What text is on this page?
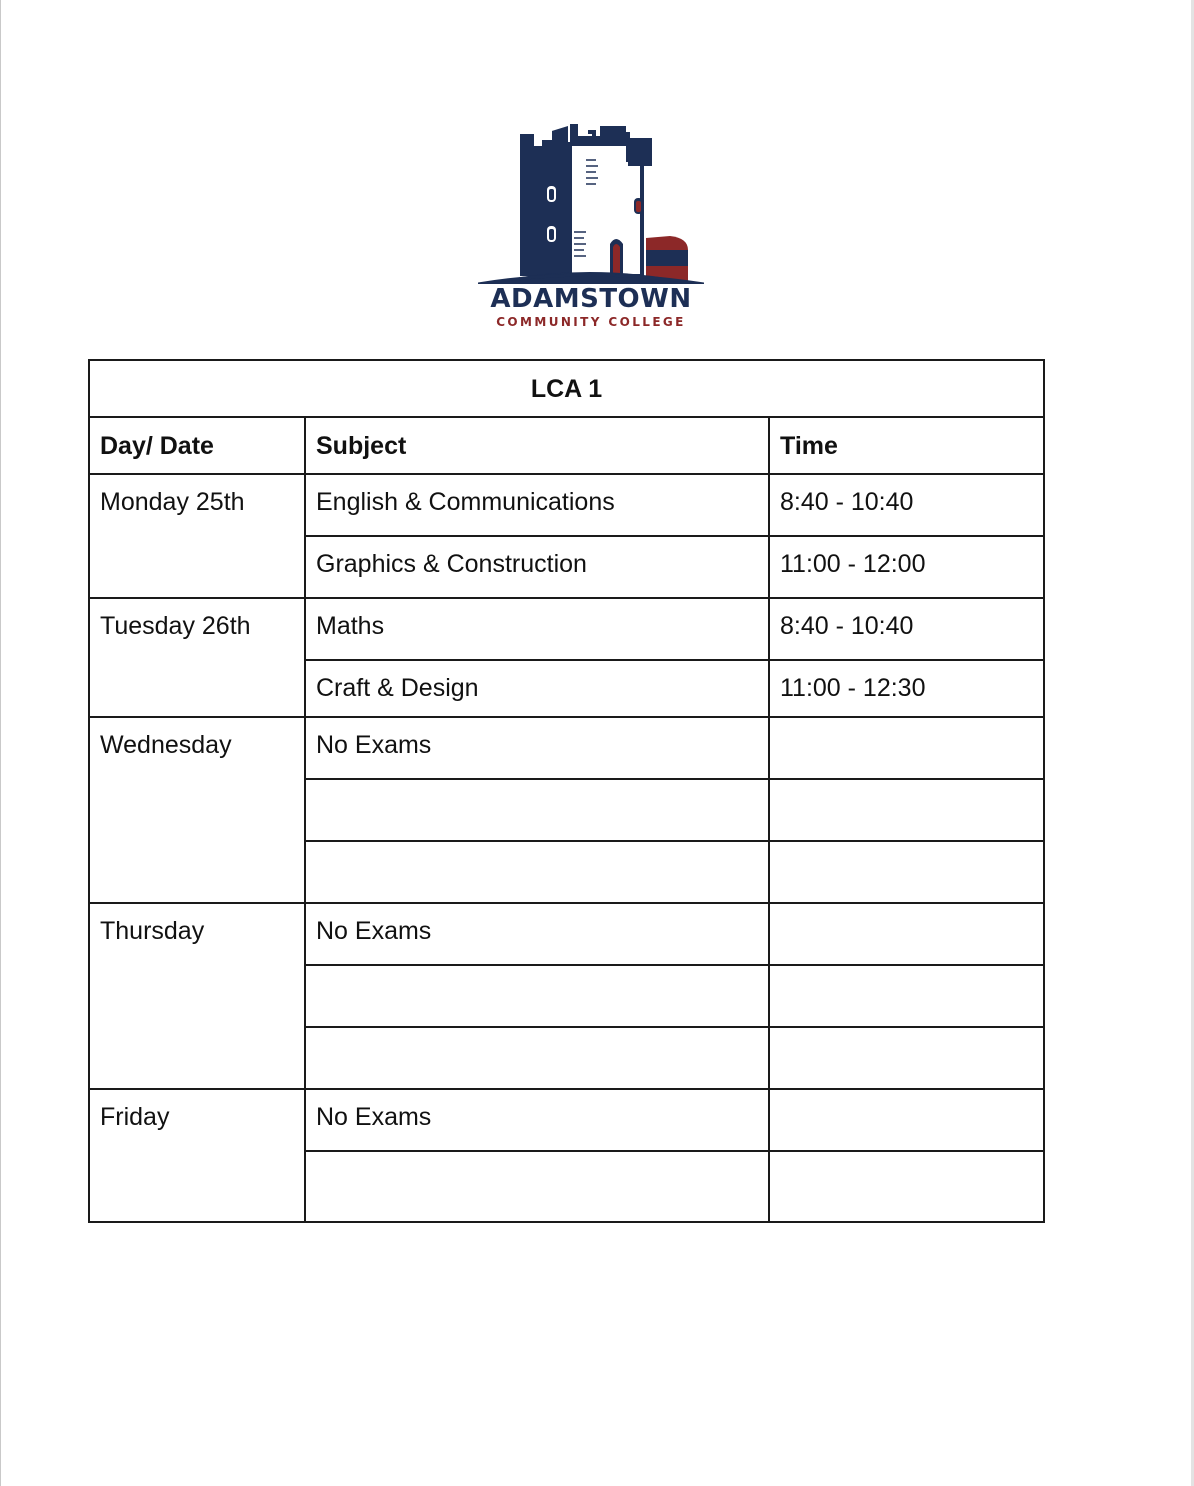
ADAMSTOWN
COMMUNITY COLLEGE
LCA 1		
Day/ Date	Subject	Time
Monday 25th	English & Communications	8:40 - 10:40
	Graphics & Construction	11:00 - 12:00
Tuesday 26th	Maths	8:40 - 10:40
	Craft & Design	11:00 - 12:30
Wednesday	No Exams	

Thursday	No Exams	

Friday	No Exams	
